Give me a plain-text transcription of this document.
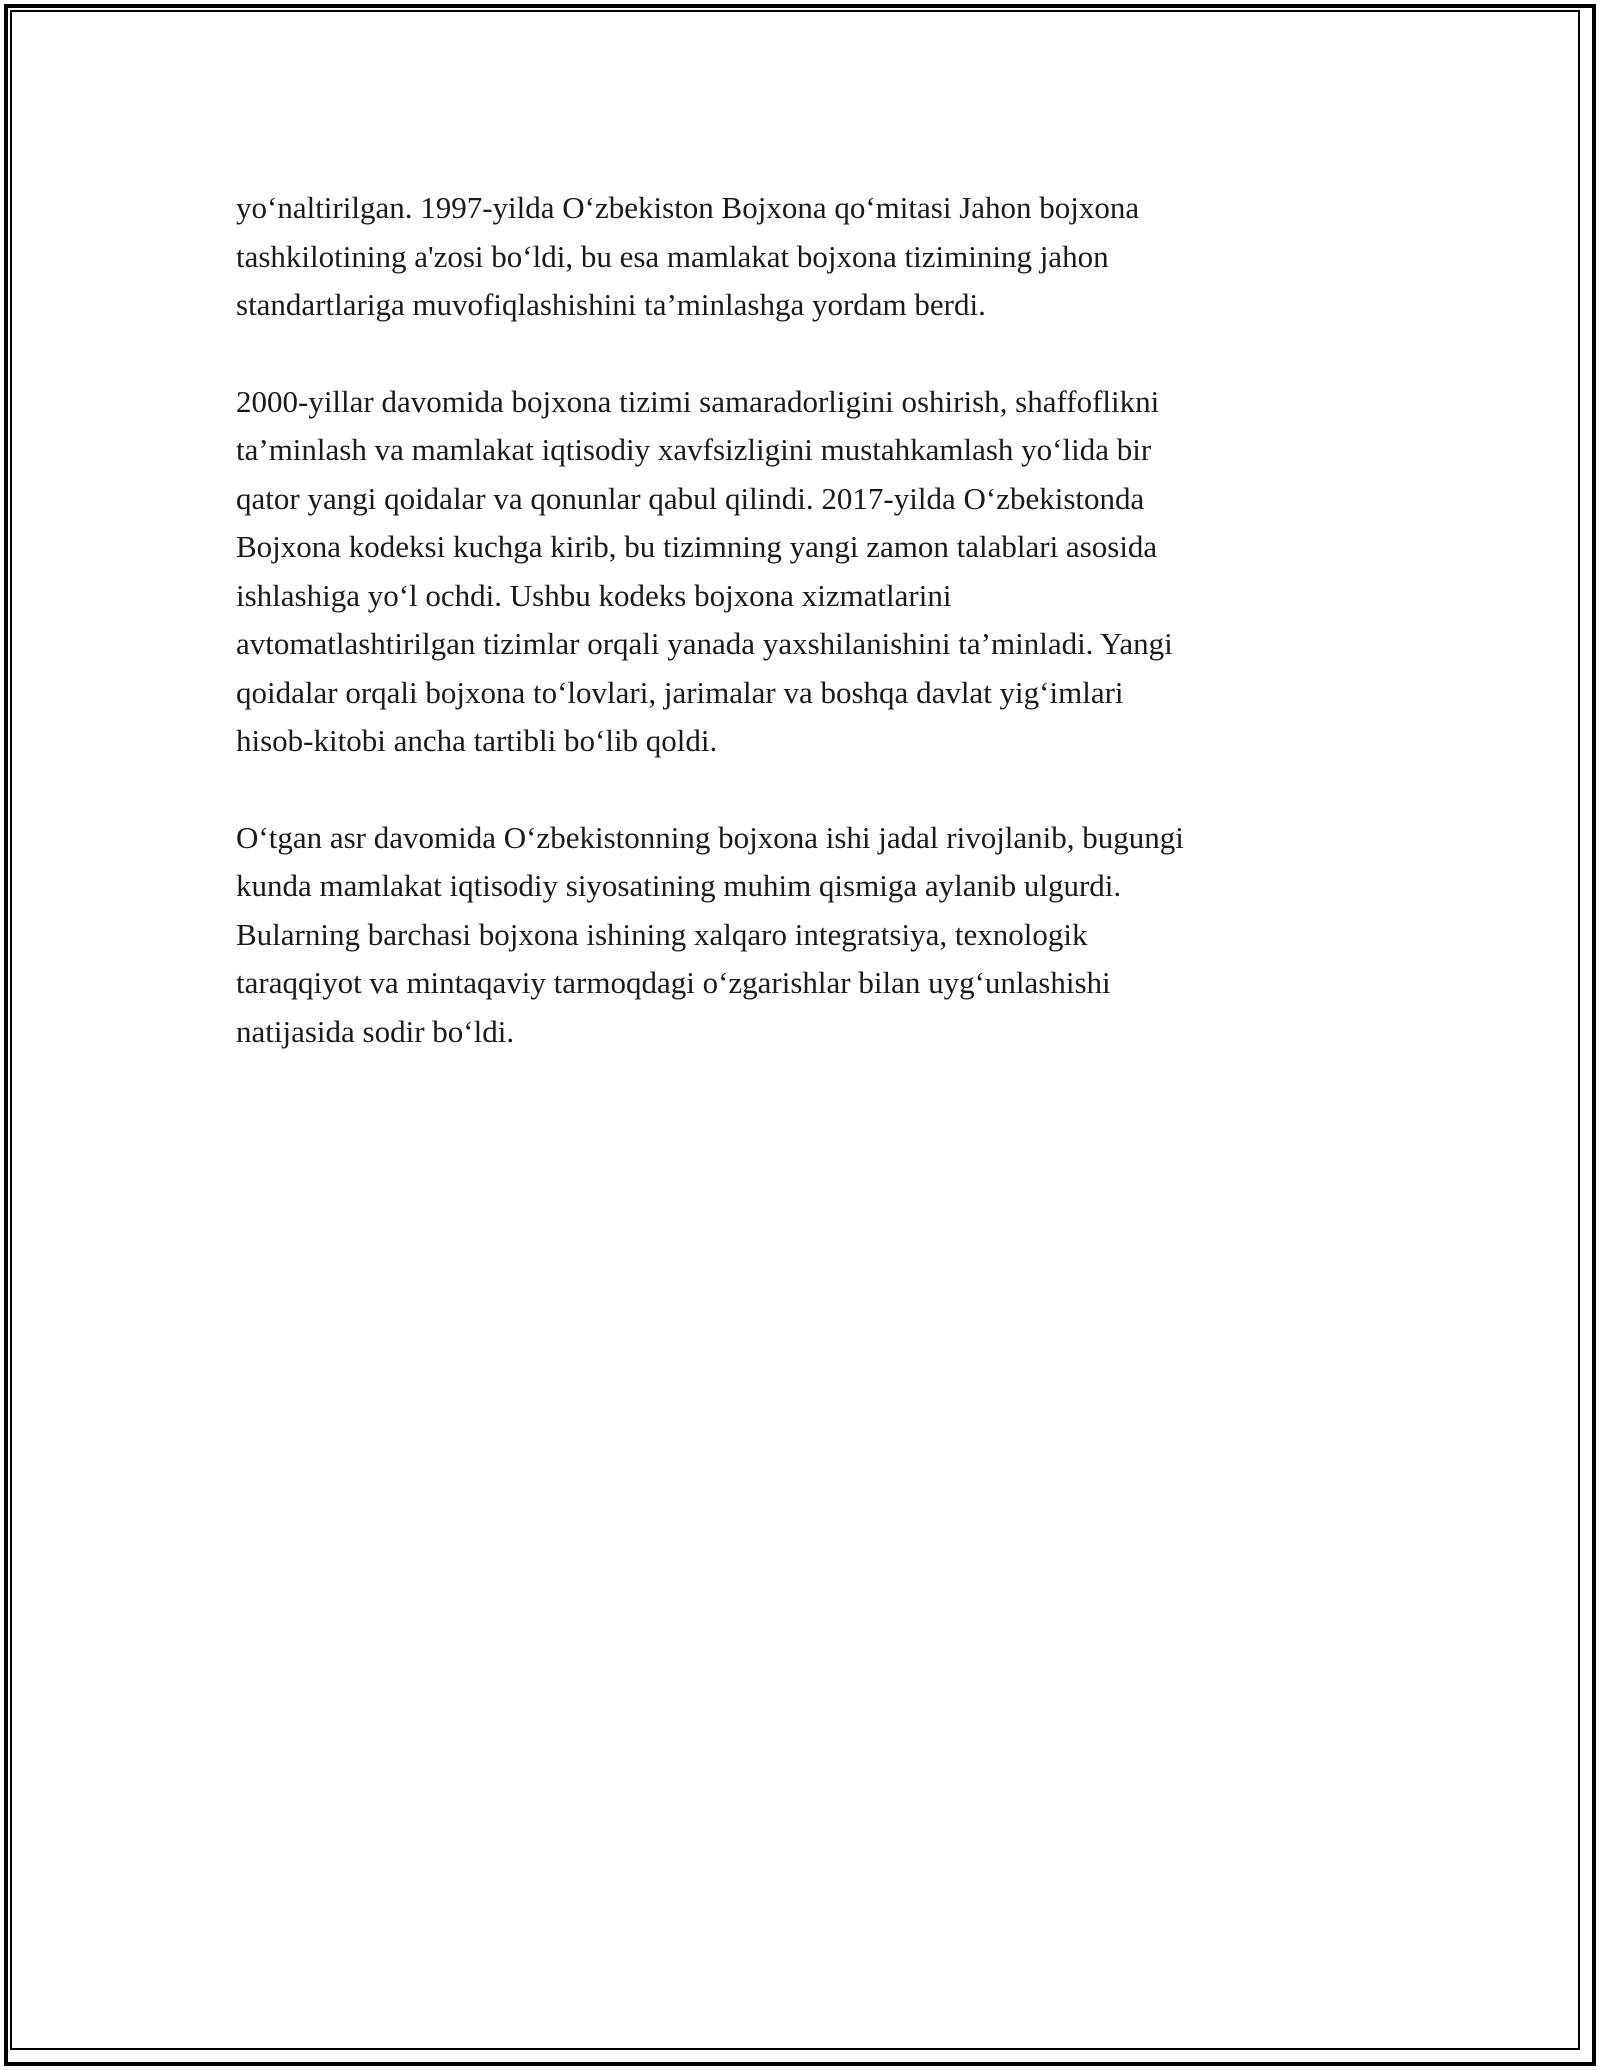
yo‘naltirilgan. 1997-yilda O‘zbekiston Bojxona qo‘mitasi Jahon bojxona
tashkilotining a'zosi bo‘ldi, bu esa mamlakat bojxona tizimining jahon
standartlariga muvofiqlashishini ta’minlashga yordam berdi.

2000-yillar davomida bojxona tizimi samaradorligini oshirish, shaffoflikni
ta’minlash va mamlakat iqtisodiy xavfsizligini mustahkamlash yo‘lida bir
qator yangi qoidalar va qonunlar qabul qilindi. 2017-yilda O‘zbekistonda
Bojxona kodeksi kuchga kirib, bu tizimning yangi zamon talablari asosida
ishlashiga yo‘l ochdi. Ushbu kodeks bojxona xizmatlarini
avtomatlashtirilgan tizimlar orqali yanada yaxshilanishini ta’minladi. Yangi
qoidalar orqali bojxona to‘lovlari, jarimalar va boshqa davlat yig‘imlari
hisob-kitobi ancha tartibli bo‘lib qoldi.

O‘tgan asr davomida O‘zbekistonning bojxona ishi jadal rivojlanib, bugungi
kunda mamlakat iqtisodiy siyosatining muhim qismiga aylanib ulgurdi.
Bularning barchasi bojxona ishining xalqaro integratsiya, texnologik
taraqqiyot va mintaqaviy tarmoqdagi o‘zgarishlar bilan uyg‘unlashishi
natijasida sodir bo‘ldi.
